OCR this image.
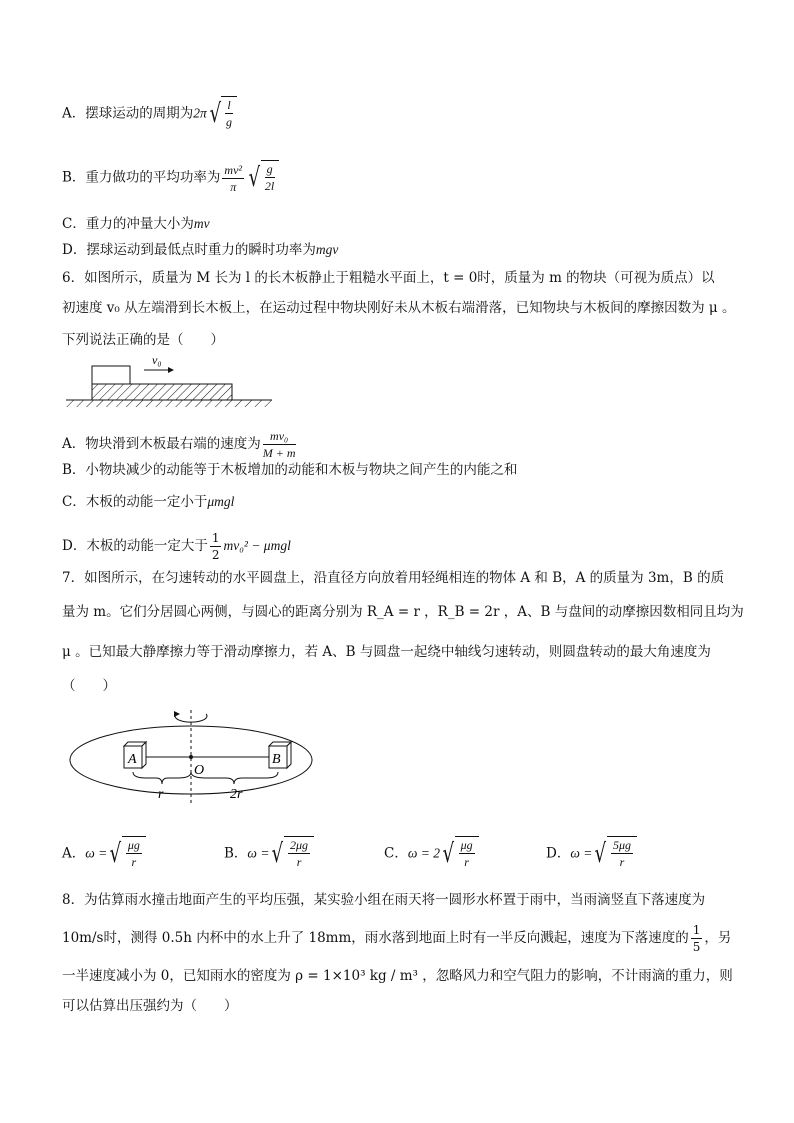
A．摆球运动的周期为2π √ $\frac{l}{g}$
B．重力做功的平均功率为 $\frac{\text{mv²}}{\pi}$ √ $\frac{g}{2l}$
C．重力的冲量大小为mv
D．摆球运动到最低点时重力的瞬时功率为mgv
6．如图所示，质量为 M 长为 l 的长木板静止于粗糙水平面上，t = 0时，质量为 m 的物块（可视为质点）以
初速度 v₀ 从左端滑到长木板上，在运动过程中物块刚好未从木板右端滑落，已知物块与木板间的摩擦因数为 μ 。
下列说法正确的是（　　）
v₀
A．物块滑到木板最右端的速度为 $\frac{\text{mv₀}}{M + m}$
B．小物块减少的动能等于木板增加的动能和木板与物块之间产生的内能之和
C．木板的动能一定小于μmgl
D．木板的动能一定大于 $\frac{1}{2} mv_0^2 - \mu mgl$
7．如图所示，在匀速转动的水平圆盘上，沿直径方向放着用轻绳相连的物体 A 和 B，A 的质量为 3m，B 的质
量为 m。它们分居圆心两侧，与圆心的距离分别为 R_A = r ，R_B = 2r ，A、B 与盘间的动摩擦因数相同且均为
μ 。已知最大静摩擦力等于滑动摩擦力，若 A、B 与圆盘一起绕中轴线匀速转动，则圆盘转动的最大角速度为
（　　）
A	B
O
r	2r
A．ω = √ $\frac{\mu g}{r}$	B．ω = √ $\frac{2\mu g}{r}$	C．ω = 2 √ $\frac{\mu g}{r}$	D．ω = √ $\frac{5\mu g}{r}$
8．为估算雨水撞击地面产生的平均压强，某实验小组在雨天将一圆形水杯置于雨中，当雨滴竖直下落速度为
10m/s时，测得 0.5h 内杯中的水上升了 18mm，雨水落到地面上时有一半反向溅起，速度为下落速度的 $\frac{1}{5}$ ，另
一半速度减小为 0，已知雨水的密度为 ρ = 1×10³ kg / m³ ，忽略风力和空气阻力的影响，不计雨滴的重力，则
可以估算出压强约为（　　）
